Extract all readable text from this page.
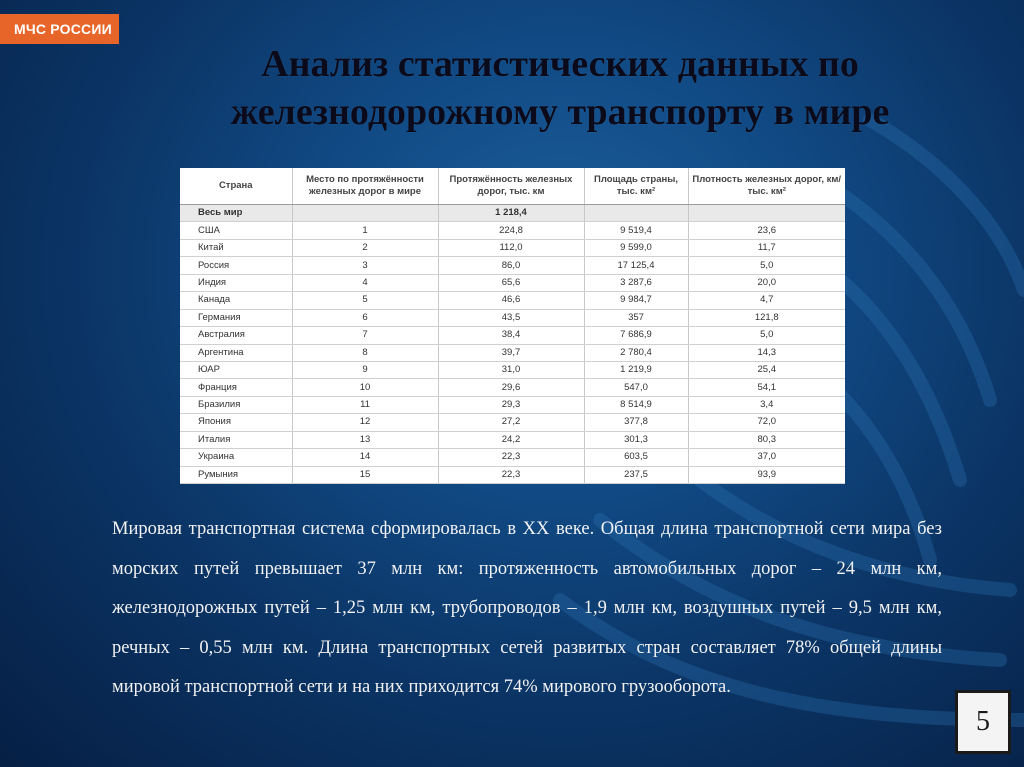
МЧС РОССИИ
Анализ статистических данных по
железнодорожному транспорту в мире
Страна	Место по протяжённости железных дорог в мире	Протяжённость железных дорог, тыс. км	Площадь страны, тыс. км²	Плотность железных дорог, км/тыс. км²
Весь мир		1 218,4		
США	1	224,8	9 519,4	23,6
Китай	2	112,0	9 599,0	11,7
Россия	3	86,0	17 125,4	5,0
Индия	4	65,6	3 287,6	20,0
Канада	5	46,6	9 984,7	4,7
Германия	6	43,5	357	121,8
Австралия	7	38,4	7 686,9	5,0
Аргентина	8	39,7	2 780,4	14,3
ЮАР	9	31,0	1 219,9	25,4
Франция	10	29,6	547,0	54,1
Бразилия	11	29,3	8 514,9	3,4
Япония	12	27,2	377,8	72,0
Италия	13	24,2	301,3	80,3
Украина	14	22,3	603,5	37,0
Румыния	15	22,3	237,5	93,9
Мировая транспортная система сформировалась в XX веке. Общая длина транспортной сети мира без морских путей превышает 37 млн км: протяженность автомобильных дорог – 24 млн км, железнодорожных путей – 1,25 млн км, трубопроводов – 1,9 млн км, воздушных путей – 9,5 млн км, речных – 0,55 млн км. Длина транспортных сетей развитых стран составляет 78% общей длины мировой транспортной сети и на них приходится 74% мирового грузооборота.
5
